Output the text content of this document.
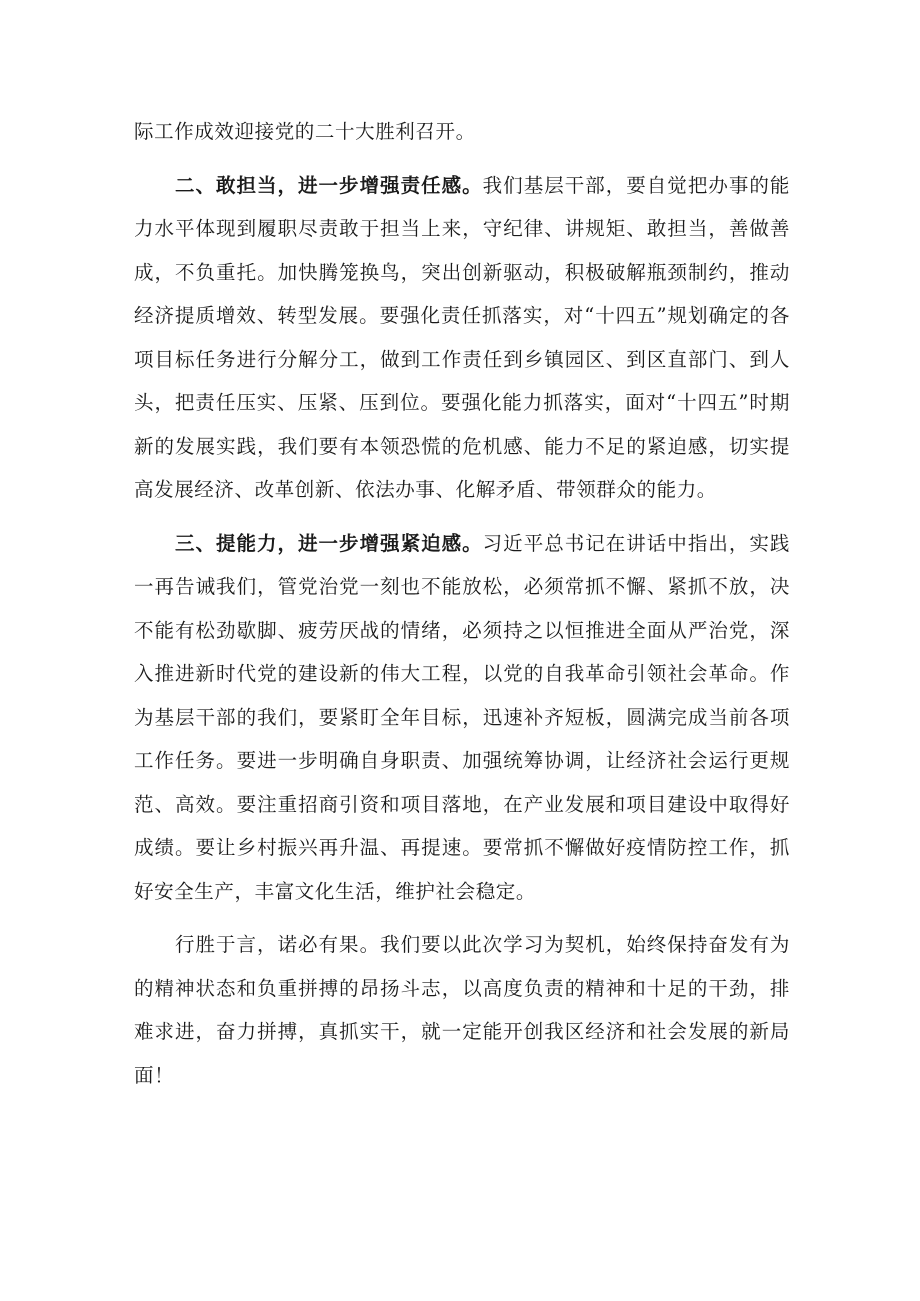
际工作成效迎接党的二十大胜利召开。

二、敢担当，进一步增强责任感。我们基层干部，要自觉把办事的能力水平体现到履职尽责敢于担当上来，守纪律、讲规矩、敢担当，善做善成，不负重托。加快腾笼换鸟，突出创新驱动，积极破解瓶颈制约，推动经济提质增效、转型发展。要强化责任抓落实，对“十四五”规划确定的各项目标任务进行分解分工，做到工作责任到乡镇园区、到区直部门、到人头，把责任压实、压紧、压到位。要强化能力抓落实，面对“十四五”时期新的发展实践，我们要有本领恐慌的危机感、能力不足的紧迫感，切实提高发展经济、改革创新、依法办事、化解矛盾、带领群众的能力。

三、提能力，进一步增强紧迫感。习近平总书记在讲话中指出，实践一再告诫我们，管党治党一刻也不能放松，必须常抓不懈、紧抓不放，决不能有松劲歇脚、疲劳厌战的情绪，必须持之以恒推进全面从严治党，深入推进新时代党的建设新的伟大工程，以党的自我革命引领社会革命。作为基层干部的我们，要紧盯全年目标，迅速补齐短板，圆满完成当前各项工作任务。要进一步明确自身职责、加强统筹协调，让经济社会运行更规范、高效。要注重招商引资和项目落地，在产业发展和项目建设中取得好成绩。要让乡村振兴再升温、再提速。要常抓不懈做好疫情防控工作，抓好安全生产，丰富文化生活，维护社会稳定。

行胜于言，诺必有果。我们要以此次学习为契机，始终保持奋发有为的精神状态和负重拼搏的昂扬斗志，以高度负责的精神和十足的干劲，排难求进，奋力拼搏，真抓实干，就一定能开创我区经济和社会发展的新局面！
